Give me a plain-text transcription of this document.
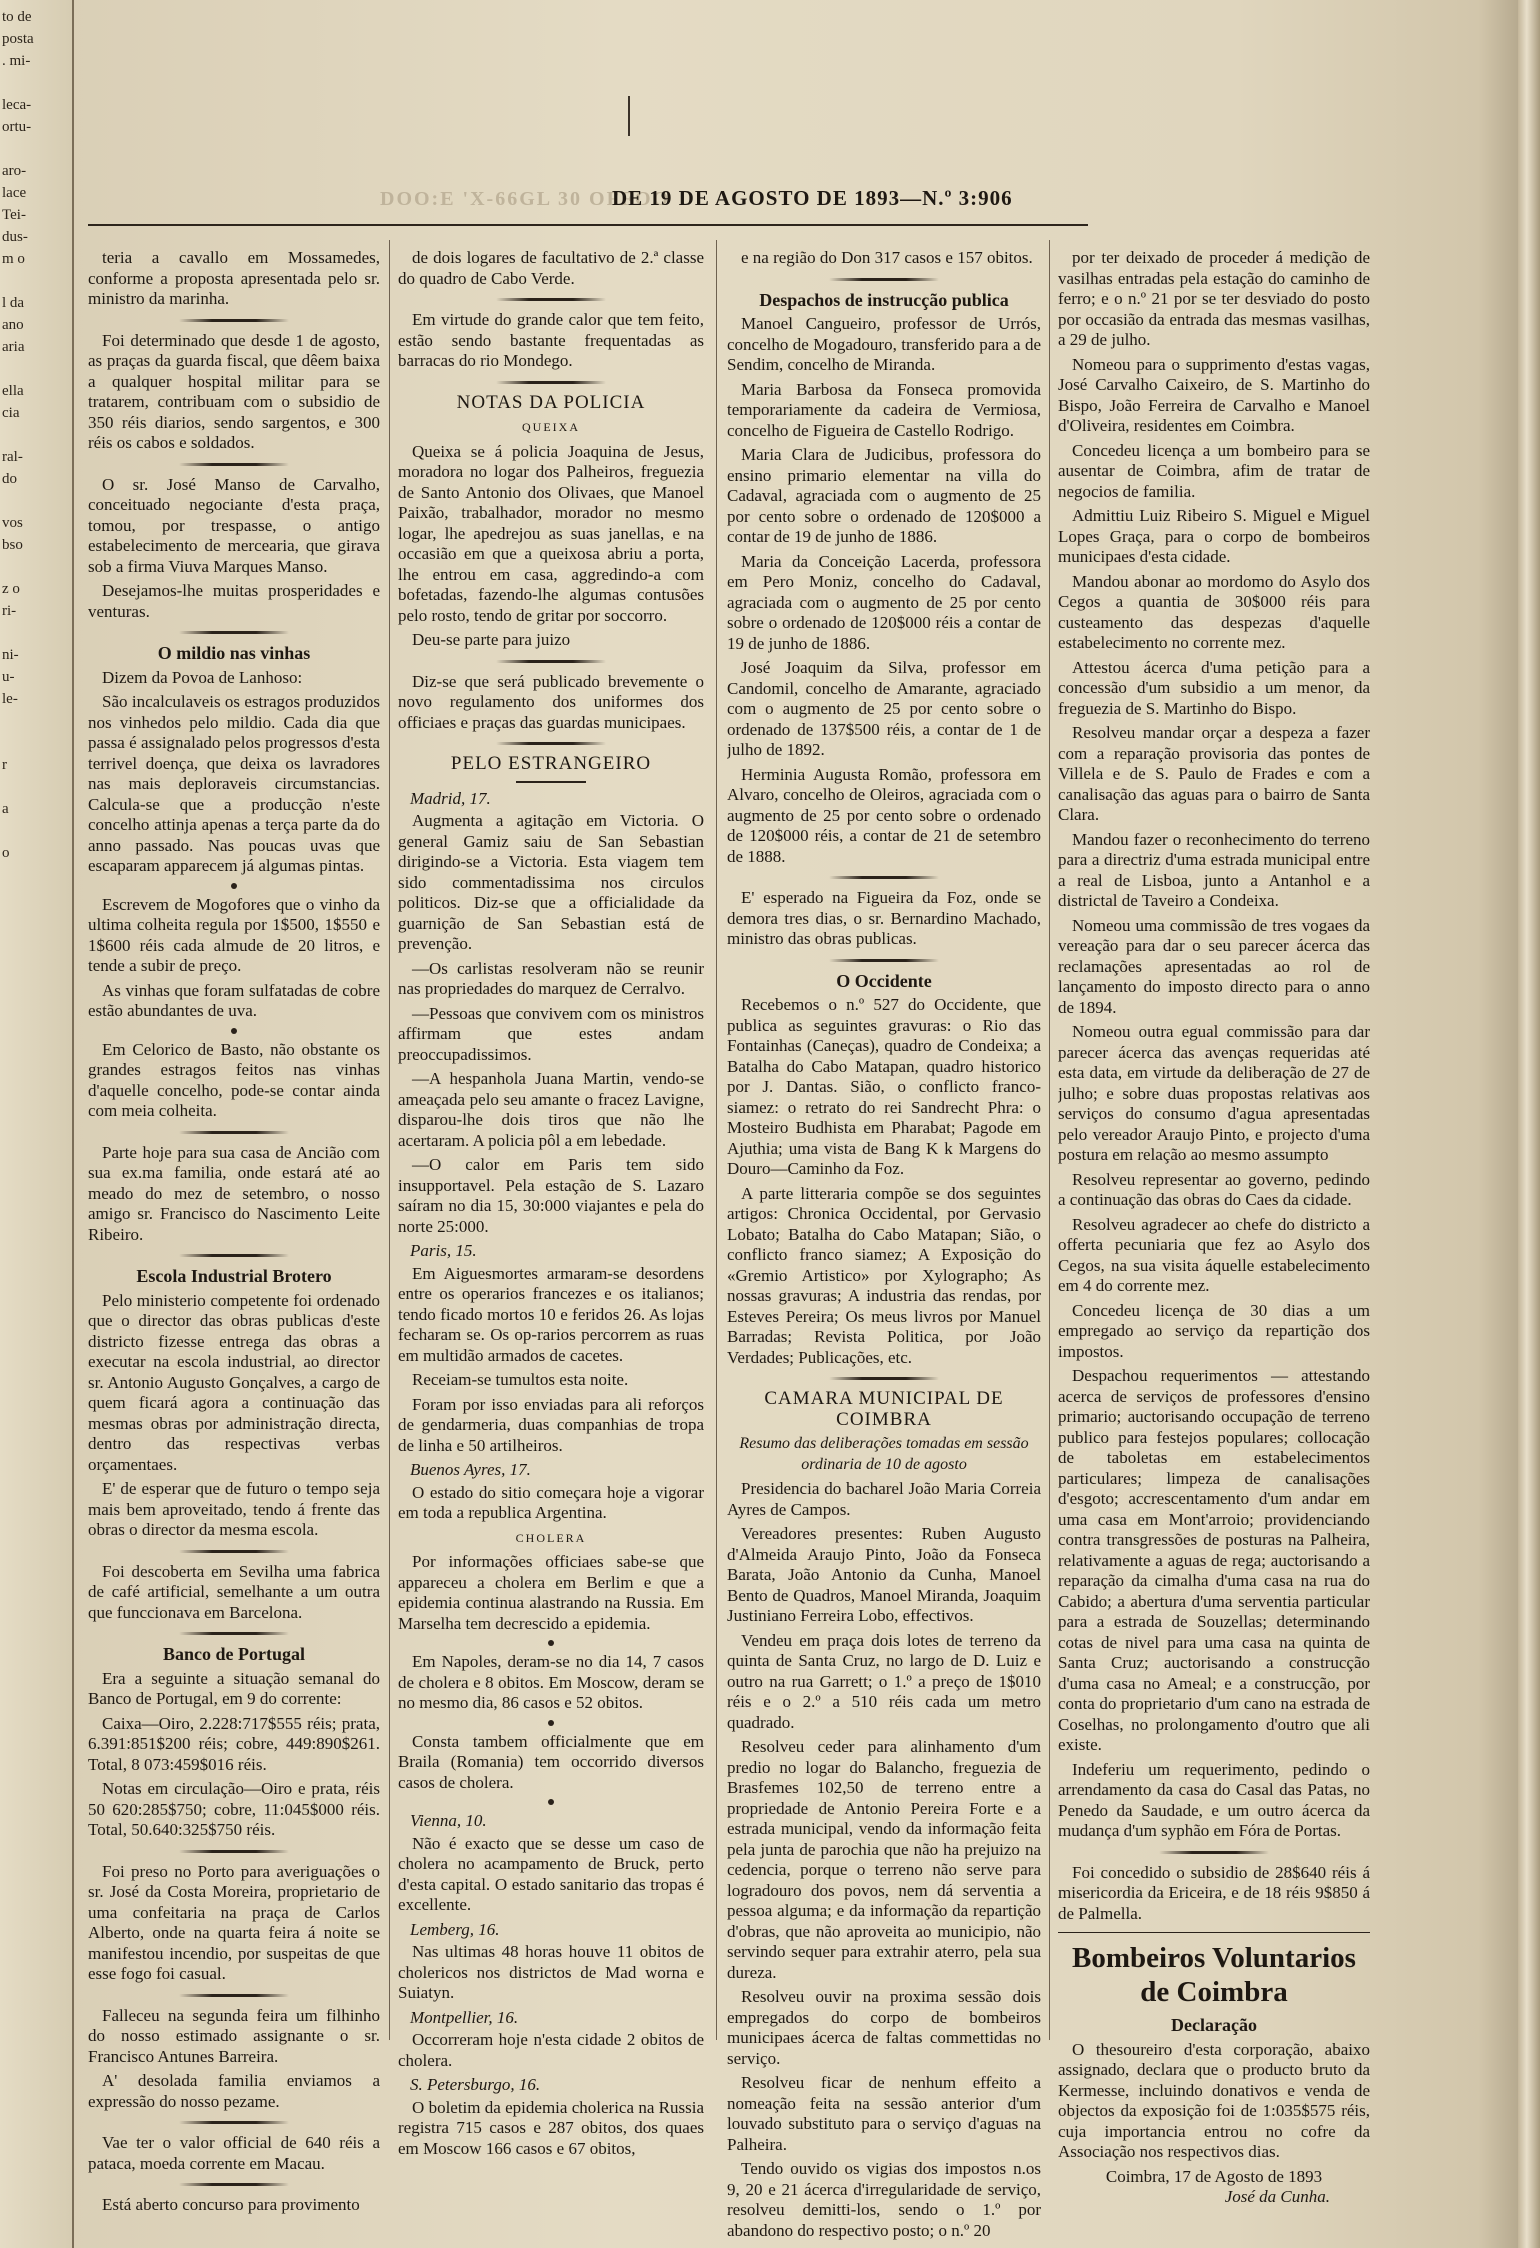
to de
posta
. mi-

leca-
ortu-

aro-
lace
Tei-
dus-
m o

l da
ano
aria

ella
cia

ral-
do

vos
bso

z o
ri-

ni-
u-
le-

r

a

o
DOO:E 'X-66GL 30 OFFOO
DE 19 DE AGOSTO DE 1893—N.º 3:906

teria a cavallo em Mossamedes, conforme a proposta apresentada pelo sr. ministro da marinha.

Foi determinado que desde 1 de agosto, as praças da guarda fiscal, que dêem baixa a qualquer hospital militar para se tratarem, contribuam com o subsidio de 350 réis diarios, sendo sargentos, e 300 réis os cabos e soldados.

O sr. José Manso de Carvalho, conceituado negociante d'esta praça, tomou, por trespasse, o antigo estabelecimento de mercearia, que girava sob a firma Viuva Marques Manso.

Desejamos-lhe muitas prosperidades e venturas.

O mildio nas vinhas

Dizem da Povoa de Lanhoso:

São incalculaveis os estragos produzidos nos vinhedos pelo mildio. Cada dia que passa é assignalado pelos progressos d'esta terrivel doença, que deixa os lavradores nas mais deploraveis circumstancias. Calcula-se que a producção n'este concelho attinja apenas a terça parte da do anno passado. Nas poucas uvas que escaparam apparecem já algumas pintas.

Escrevem de Mogofores que o vinho da ultima colheita regula por 1$500, 1$550 e 1$600 réis cada almude de 20 litros, e tende a subir de preço.

As vinhas que foram sulfatadas de cobre estão abundantes de uva.

Em Celorico de Basto, não obstante os grandes estragos feitos nas vinhas d'aquelle concelho, pode-se contar ainda com meia colheita.

Parte hoje para sua casa de Ancião com sua ex.ma familia, onde estará até ao meado do mez de setembro, o nosso amigo sr. Francisco do Nascimento Leite Ribeiro.

Escola Industrial Brotero

Pelo ministerio competente foi ordenado que o director das obras publicas d'este districto fizesse entrega das obras a executar na escola industrial, ao director sr. Antonio Augusto Gonçalves, a cargo de quem ficará agora a continuação das mesmas obras por administração directa, dentro das respectivas verbas orçamentaes.

E' de esperar que de futuro o tempo seja mais bem aproveitado, tendo á frente das obras o director da mesma escola.

Foi descoberta em Sevilha uma fabrica de café artificial, semelhante a um outra que funccionava em Barcelona.

Banco de Portugal

Era a seguinte a situação semanal do Banco de Portugal, em 9 do corrente:

Caixa—Oiro, 2.228:717$555 réis; prata, 6.391:851$200 réis; cobre, 449:890$261. Total, 8 073:459$016 réis.

Notas em circulação—Oiro e prata, réis 50 620:285$750; cobre, 11:045$000 réis. Total, 50.640:325$750 réis.

Foi preso no Porto para averiguações o sr. José da Costa Moreira, proprietario de uma confeitaria na praça de Carlos Alberto, onde na quarta feira á noite se manifestou incendio, por suspeitas de que esse fogo foi casual.

Falleceu na segunda feira um filhinho do nosso estimado assignante o sr. Francisco Antunes Barreira.

A' desolada familia enviamos a expressão do nosso pezame.

Vae ter o valor official de 640 réis a pataca, moeda corrente em Macau.

Está aberto concurso para provimento

de dois logares de facultativo de 2.ª classe do quadro de Cabo Verde.

Em virtude do grande calor que tem feito, estão sendo bastante frequentadas as barracas do rio Mondego.

NOTAS DA POLICIA
QUEIXA

Queixa se á policia Joaquina de Jesus, moradora no logar dos Palheiros, freguezia de Santo Antonio dos Olivaes, que Manoel Paixão, trabalhador, morador no mesmo logar, lhe apedrejou as suas janellas, e na occasião em que a queixosa abriu a porta, lhe entrou em casa, aggredindo-a com bofetadas, fazendo-lhe algumas contusões pelo rosto, tendo de gritar por soccorro.

Deu-se parte para juizo

Diz-se que será publicado brevemente o novo regulamento dos uniformes dos officiaes e praças das guardas municipaes.

PELO ESTRANGEIRO

Madrid, 17.

Augmenta a agitação em Victoria. O general Gamiz saiu de San Sebastian dirigindo-se a Victoria. Esta viagem tem sido commentadissima nos circulos politicos. Diz-se que a officialidade da guarnição de San Sebastian está de prevenção.

—Os carlistas resolveram não se reunir nas propriedades do marquez de Cerralvo.

—Pessoas que convivem com os ministros affirmam que estes andam preoccupadissimos.

—A hespanhola Juana Martin, vendo-se ameaçada pelo seu amante o fracez Lavigne, disparou-lhe dois tiros que não lhe acertaram. A policia pôl a em lebedade.

—O calor em Paris tem sido insupportavel. Pela estação de S. Lazaro saíram no dia 15, 30:000 viajantes e pela do norte 25:000.

Paris, 15.

Em Aiguesmortes armaram-se desordens entre os operarios francezes e os italianos; tendo ficado mortos 10 e feridos 26. As lojas fecharam se. Os op-rarios percorrem as ruas em multidão armados de cacetes.

Receiam-se tumultos esta noite.

Foram por isso enviadas para ali reforços de gendarmeria, duas companhias de tropa de linha e 50 artilheiros.

Buenos Ayres, 17.

O estado do sitio começara hoje a vigorar em toda a republica Argentina.

CHOLERA

Por informações officiaes sabe-se que appareceu a cholera em Berlim e que a epidemia continua alastrando na Russia. Em Marselha tem decrescido a epidemia.

Em Napoles, deram-se no dia 14, 7 casos de cholera e 8 obitos. Em Moscow, deram se no mesmo dia, 86 casos e 52 obitos.

Consta tambem officialmente que em Braila (Romania) tem occorrido diversos casos de cholera.

Vienna, 10.

Não é exacto que se desse um caso de cholera no acampamento de Bruck, perto d'esta capital. O estado sanitario das tropas é excellente.

Lemberg, 16.

Nas ultimas 48 horas houve 11 obitos de cholericos nos districtos de Mad worna e Suiatyn.

Montpellier, 16.

Occorreram hoje n'esta cidade 2 obitos de cholera.

S. Petersburgo, 16.

O boletim da epidemia cholerica na Russia registra 715 casos e 287 obitos, dos quaes em Moscow 166 casos e 67 obitos,

e na região do Don 317 casos e 157 obitos.

Despachos de instrucção publica

Manoel Cangueiro, professor de Urrós, concelho de Mogadouro, transferido para a de Sendim, concelho de Miranda.

Maria Barbosa da Fonseca promovida temporariamente da cadeira de Vermiosa, concelho de Figueira de Castello Rodrigo.

Maria Clara de Judicibus, professora do ensino primario elementar na villa do Cadaval, agraciada com o augmento de 25 por cento sobre o ordenado de 120$000 a contar de 19 de junho de 1886.

Maria da Conceição Lacerda, professora em Pero Moniz, concelho do Cadaval, agraciada com o augmento de 25 por cento sobre o ordenado de 120$000 réis a contar de 19 de junho de 1886.

José Joaquim da Silva, professor em Candomil, concelho de Amarante, agraciado com o augmento de 25 por cento sobre o ordenado de 137$500 réis, a contar de 1 de julho de 1892.

Herminia Augusta Romão, professora em Alvaro, concelho de Oleiros, agraciada com o augmento de 25 por cento sobre o ordenado de 120$000 réis, a contar de 21 de setembro de 1888.

E' esperado na Figueira da Foz, onde se demora tres dias, o sr. Bernardino Machado, ministro das obras publicas.

O Occidente

Recebemos o n.º 527 do Occidente, que publica as seguintes gravuras: o Rio das Fontainhas (Caneças), quadro de Condeixa; a Batalha do Cabo Matapan, quadro historico por J. Dantas. Sião, o conflicto franco-siamez: o retrato do rei Sandrecht Phra: o Mosteiro Budhista em Pharabat; Pagode em Ajuthia; uma vista de Bang K k Margens do Douro—Caminho da Foz.

A parte litteraria compõe se dos seguintes artigos: Chronica Occidental, por Gervasio Lobato; Batalha do Cabo Matapan; Sião, o conflicto franco siamez; A Exposição do «Gremio Artistico» por Xylographo; As nossas gravuras; A industria das rendas, por Esteves Pereira; Os meus livros por Manuel Barradas; Revista Politica, por João Verdades; Publicações, etc.

CAMARA MUNICIPAL DE COIMBRA
Resumo das deliberações tomadas em sessão ordinaria de 10 de agosto

Presidencia do bacharel João Maria Correia Ayres de Campos.

Vereadores presentes: Ruben Augusto d'Almeida Araujo Pinto, João da Fonseca Barata, João Antonio da Cunha, Manoel Bento de Quadros, Manoel Miranda, Joaquim Justiniano Ferreira Lobo, effectivos.

Vendeu em praça dois lotes de terreno da quinta de Santa Cruz, no largo de D. Luiz e outro na rua Garrett; o 1.º a preço de 1$010 réis e o 2.º a 510 réis cada um metro quadrado.

Resolveu ceder para alinhamento d'um predio no logar do Balancho, freguezia de Brasfemes 102,50 de terreno entre a propriedade de Antonio Pereira Forte e a estrada municipal, vendo da informação feita pela junta de parochia que não ha prejuizo na cedencia, porque o terreno não serve para logradouro dos povos, nem dá serventia a pessoa alguma; e da informação da repartição d'obras, que não aproveita ao municipio, não servindo sequer para extrahir aterro, pela sua dureza.

Resolveu ouvir na proxima sessão dois empregados do corpo de bombeiros municipaes ácerca de faltas commettidas no serviço.

Resolveu ficar de nenhum effeito a nomeação feita na sessão anterior d'um louvado substituto para o serviço d'aguas na Palheira.

Tendo ouvido os vigias dos impostos n.os 9, 20 e 21 ácerca d'irregularidade de serviço, resolveu demitti-los, sendo o 1.º por abandono do respectivo posto; o n.º 20

por ter deixado de proceder á medição de vasilhas entradas pela estação do caminho de ferro; e o n.º 21 por se ter desviado do posto por occasião da entrada das mesmas vasilhas, a 29 de julho.

Nomeou para o supprimento d'estas vagas, José Carvalho Caixeiro, de S. Martinho do Bispo, João Ferreira de Carvalho e Manoel d'Oliveira, residentes em Coimbra.

Concedeu licença a um bombeiro para se ausentar de Coimbra, afim de tratar de negocios de familia.

Admittiu Luiz Ribeiro S. Miguel e Miguel Lopes Graça, para o corpo de bombeiros municipaes d'esta cidade.

Mandou abonar ao mordomo do Asylo dos Cegos a quantia de 30$000 réis para custeamento das despezas d'aquelle estabelecimento no corrente mez.

Attestou ácerca d'uma petição para a concessão d'um subsidio a um menor, da freguezia de S. Martinho do Bispo.

Resolveu mandar orçar a despeza a fazer com a reparação provisoria das pontes de Villela e de S. Paulo de Frades e com a canalisação das aguas para o bairro de Santa Clara.

Mandou fazer o reconhecimento do terreno para a directriz d'uma estrada municipal entre a real de Lisboa, junto a Antanhol e a districtal de Taveiro a Condeixa.

Nomeou uma commissão de tres vogaes da vereação para dar o seu parecer ácerca das reclamações apresentadas ao rol de lançamento do imposto directo para o anno de 1894.

Nomeou outra egual commissão para dar parecer ácerca das avenças requeridas até esta data, em virtude da deliberação de 27 de julho; e sobre duas propostas relativas aos serviços do consumo d'agua apresentadas pelo vereador Araujo Pinto, e projecto d'uma postura em relação ao mesmo assumpto

Resolveu representar ao governo, pedindo a continuação das obras do Caes da cidade.

Resolveu agradecer ao chefe do districto a offerta pecuniaria que fez ao Asylo dos Cegos, na sua visita áquelle estabelecimento em 4 do corrente mez.

Concedeu licença de 30 dias a um empregado ao serviço da repartição dos impostos.

Despachou requerimentos — attestando acerca de serviços de professores d'ensino primario; auctorisando occupação de terreno publico para festejos populares; collocação de taboletas em estabelecimentos particulares; limpeza de canalisações d'esgoto; accrescentamento d'um andar em uma casa em Mont'arroio; providenciando contra transgressões de posturas na Palheira, relativamente a aguas de rega; auctorisando a reparação da cimalha d'uma casa na rua do Cabido; a abertura d'uma serventia particular para a estrada de Souzellas; determinando cotas de nivel para uma casa na quinta de Santa Cruz; auctorisando a construcção d'uma casa no Ameal; e a construcção, por conta do proprietario d'um cano na estrada de Coselhas, no prolongamento d'outro que ali existe.

Indeferiu um requerimento, pedindo o arrendamento da casa do Casal das Patas, no Penedo da Saudade, e um outro ácerca da mudança d'um syphão em Fóra de Portas.

Foi concedido o subsidio de 28$640 réis á misericordia da Ericeira, e de 18 réis 9$850 á de Palmella.

Bombeiros Voluntarios de Coimbra
Declaração

O thesoureiro d'esta corporação, abaixo assignado, declara que o producto bruto da Kermesse, incluindo donativos e venda de objectos da exposição foi de 1:035$575 réis, cuja importancia entrou no cofre da Associação nos respectivos dias.

Coimbra, 17 de Agosto de 1893
José da Cunha.
